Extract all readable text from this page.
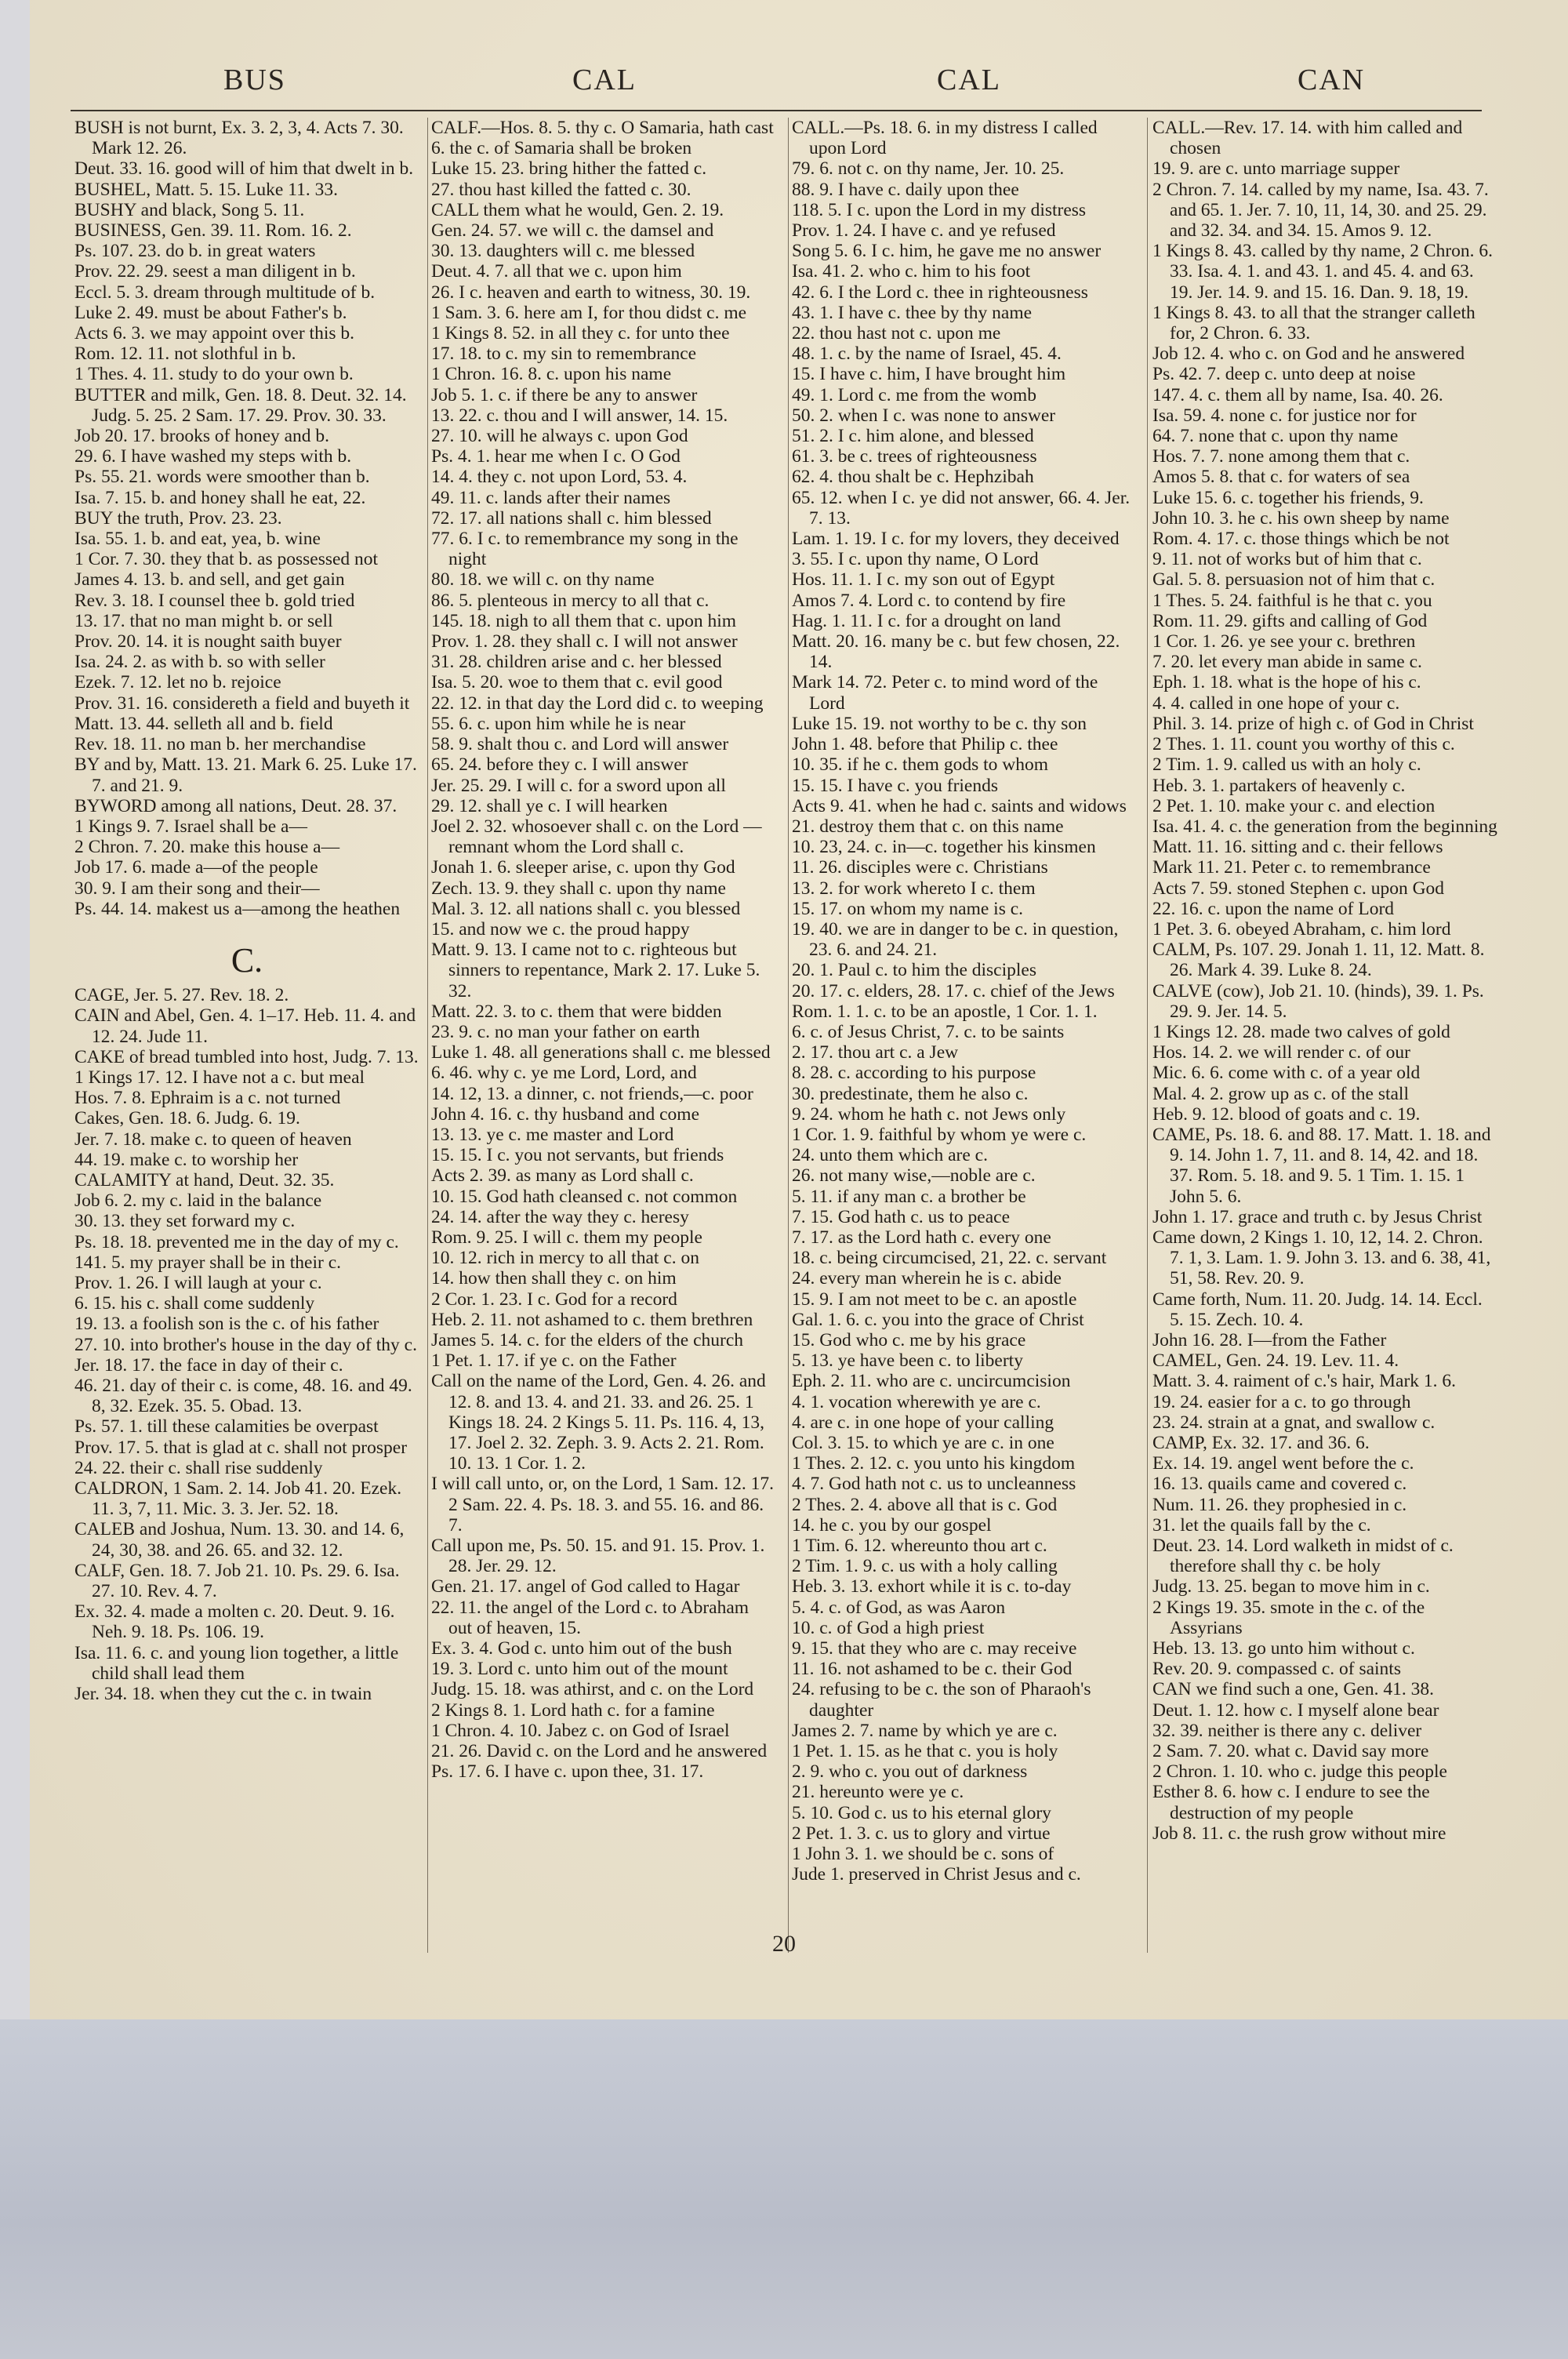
BUS	CAL	CAL	CAN

BUSH is not burnt, Ex. 3. 2, 3, 4. Acts 7. 30. Mark 12. 26.

Deut. 33. 16. good will of him that dwelt in b.

BUSHEL, Matt. 5. 15. Luke 11. 33.

BUSHY and black, Song 5. 11.

BUSINESS, Gen. 39. 11. Rom. 16. 2.

Ps. 107. 23. do b. in great waters

Prov. 22. 29. seest a man diligent in b.

Eccl. 5. 3. dream through multitude of b.

Luke 2. 49. must be about Father's b.

Acts 6. 3. we may appoint over this b.

Rom. 12. 11. not slothful in b.

1 Thes. 4. 11. study to do your own b.

BUTTER and milk, Gen. 18. 8. Deut. 32. 14. Judg. 5. 25. 2 Sam. 17. 29. Prov. 30. 33.

Job 20. 17. brooks of honey and b.

29. 6. I have washed my steps with b.

Ps. 55. 21. words were smoother than b.

Isa. 7. 15. b. and honey shall he eat, 22.

BUY the truth, Prov. 23. 23.

Isa. 55. 1. b. and eat, yea, b. wine

1 Cor. 7. 30. they that b. as possessed not

James 4. 13. b. and sell, and get gain

Rev. 3. 18. I counsel thee b. gold tried

13. 17. that no man might b. or sell

Prov. 20. 14. it is nought saith buyer

Isa. 24. 2. as with b. so with seller

Ezek. 7. 12. let no b. rejoice

Prov. 31. 16. considereth a field and buyeth it

Matt. 13. 44. selleth all and b. field

Rev. 18. 11. no man b. her merchandise

BY and by, Matt. 13. 21. Mark 6. 25. Luke 17. 7. and 21. 9.

BYWORD among all nations, Deut. 28. 37.

1 Kings 9. 7. Israel shall be a—

2 Chron. 7. 20. make this house a—

Job 17. 6. made a—of the people

30. 9. I am their song and their—

Ps. 44. 14. makest us a—among the heathen

C.

CAGE, Jer. 5. 27. Rev. 18. 2.

CAIN and Abel, Gen. 4. 1–17. Heb. 11. 4. and 12. 24. Jude 11.

CAKE of bread tumbled into host, Judg. 7. 13.

1 Kings 17. 12. I have not a c. but meal

Hos. 7. 8. Ephraim is a c. not turned

Cakes, Gen. 18. 6. Judg. 6. 19.

Jer. 7. 18. make c. to queen of heaven

44. 19. make c. to worship her

CALAMITY at hand, Deut. 32. 35.

Job 6. 2. my c. laid in the balance

30. 13. they set forward my c.

Ps. 18. 18. prevented me in the day of my c.

141. 5. my prayer shall be in their c.

Prov. 1. 26. I will laugh at your c.

6. 15. his c. shall come suddenly

19. 13. a foolish son is the c. of his father

27. 10. into brother's house in the day of thy c.

Jer. 18. 17. the face in day of their c.

46. 21. day of their c. is come, 48. 16. and 49. 8, 32. Ezek. 35. 5. Obad. 13.

Ps. 57. 1. till these calamities be overpast

Prov. 17. 5. that is glad at c. shall not prosper

24. 22. their c. shall rise suddenly

CALDRON, 1 Sam. 2. 14. Job 41. 20. Ezek. 11. 3, 7, 11. Mic. 3. 3. Jer. 52. 18.

CALEB and Joshua, Num. 13. 30. and 14. 6, 24, 30, 38. and 26. 65. and 32. 12.

CALF, Gen. 18. 7. Job 21. 10. Ps. 29. 6. Isa. 27. 10. Rev. 4. 7.

Ex. 32. 4. made a molten c. 20. Deut. 9. 16. Neh. 9. 18. Ps. 106. 19.

Isa. 11. 6. c. and young lion together, a little child shall lead them

Jer. 34. 18. when they cut the c. in twain

CALF.—Hos. 8. 5. thy c. O Samaria, hath cast

6. the c. of Samaria shall be broken

Luke 15. 23. bring hither the fatted c.

27. thou hast killed the fatted c. 30.

CALL them what he would, Gen. 2. 19.

Gen. 24. 57. we will c. the damsel and

30. 13. daughters will c. me blessed

Deut. 4. 7. all that we c. upon him

26. I c. heaven and earth to witness, 30. 19.

1 Sam. 3. 6. here am I, for thou didst c. me

1 Kings 8. 52. in all they c. for unto thee

17. 18. to c. my sin to remembrance

1 Chron. 16. 8. c. upon his name

Job 5. 1. c. if there be any to answer

13. 22. c. thou and I will answer, 14. 15.

27. 10. will he always c. upon God

Ps. 4. 1. hear me when I c. O God

14. 4. they c. not upon Lord, 53. 4.

49. 11. c. lands after their names

72. 17. all nations shall c. him blessed

77. 6. I c. to remembrance my song in the night

80. 18. we will c. on thy name

86. 5. plenteous in mercy to all that c.

145. 18. nigh to all them that c. upon him

Prov. 1. 28. they shall c. I will not answer

31. 28. children arise and c. her blessed

Isa. 5. 20. woe to them that c. evil good

22. 12. in that day the Lord did c. to weeping

55. 6. c. upon him while he is near

58. 9. shalt thou c. and Lord will answer

65. 24. before they c. I will answer

Jer. 25. 29. I will c. for a sword upon all

29. 12. shall ye c. I will hearken

Joel 2. 32. whosoever shall c. on the Lord —remnant whom the Lord shall c.

Jonah 1. 6. sleeper arise, c. upon thy God

Zech. 13. 9. they shall c. upon thy name

Mal. 3. 12. all nations shall c. you blessed

15. and now we c. the proud happy

Matt. 9. 13. I came not to c. righteous but sinners to repentance, Mark 2. 17. Luke 5. 32.

Matt. 22. 3. to c. them that were bidden

23. 9. c. no man your father on earth

Luke 1. 48. all generations shall c. me blessed

6. 46. why c. ye me Lord, Lord, and

14. 12, 13. a dinner, c. not friends,—c. poor

John 4. 16. c. thy husband and come

13. 13. ye c. me master and Lord

15. 15. I c. you not servants, but friends

Acts 2. 39. as many as Lord shall c.

10. 15. God hath cleansed c. not common

24. 14. after the way they c. heresy

Rom. 9. 25. I will c. them my people

10. 12. rich in mercy to all that c. on

14. how then shall they c. on him

2 Cor. 1. 23. I c. God for a record

Heb. 2. 11. not ashamed to c. them brethren

James 5. 14. c. for the elders of the church

1 Pet. 1. 17. if ye c. on the Father

Call on the name of the Lord, Gen. 4. 26. and 12. 8. and 13. 4. and 21. 33. and 26. 25. 1 Kings 18. 24. 2 Kings 5. 11. Ps. 116. 4, 13, 17. Joel 2. 32. Zeph. 3. 9. Acts 2. 21. Rom. 10. 13. 1 Cor. 1. 2.

I will call unto, or, on the Lord, 1 Sam. 12. 17. 2 Sam. 22. 4. Ps. 18. 3. and 55. 16. and 86. 7.

Call upon me, Ps. 50. 15. and 91. 15. Prov. 1. 28. Jer. 29. 12.

Gen. 21. 17. angel of God called to Hagar

22. 11. the angel of the Lord c. to Abraham out of heaven, 15.

Ex. 3. 4. God c. unto him out of the bush

19. 3. Lord c. unto him out of the mount

Judg. 15. 18. was athirst, and c. on the Lord

2 Kings 8. 1. Lord hath c. for a famine

1 Chron. 4. 10. Jabez c. on God of Israel

21. 26. David c. on the Lord and he answered

Ps. 17. 6. I have c. upon thee, 31. 17.

CALL.—Ps. 18. 6. in my distress I called upon Lord

79. 6. not c. on thy name, Jer. 10. 25.

88. 9. I have c. daily upon thee

118. 5. I c. upon the Lord in my distress

Prov. 1. 24. I have c. and ye refused

Song 5. 6. I c. him, he gave me no answer

Isa. 41. 2. who c. him to his foot

42. 6. I the Lord c. thee in righteousness

43. 1. I have c. thee by thy name

22. thou hast not c. upon me

48. 1. c. by the name of Israel, 45. 4.

15. I have c. him, I have brought him

49. 1. Lord c. me from the womb

50. 2. when I c. was none to answer

51. 2. I c. him alone, and blessed

61. 3. be c. trees of righteousness

62. 4. thou shalt be c. Hephzibah

65. 12. when I c. ye did not answer, 66. 4. Jer. 7. 13.

Lam. 1. 19. I c. for my lovers, they deceived

3. 55. I c. upon thy name, O Lord

Hos. 11. 1. I c. my son out of Egypt

Amos 7. 4. Lord c. to contend by fire

Hag. 1. 11. I c. for a drought on land

Matt. 20. 16. many be c. but few chosen, 22. 14.

Mark 14. 72. Peter c. to mind word of the Lord

Luke 15. 19. not worthy to be c. thy son

John 1. 48. before that Philip c. thee

10. 35. if he c. them gods to whom

15. 15. I have c. you friends

Acts 9. 41. when he had c. saints and widows

21. destroy them that c. on this name

10. 23, 24. c. in—c. together his kinsmen

11. 26. disciples were c. Christians

13. 2. for work whereto I c. them

15. 17. on whom my name is c.

19. 40. we are in danger to be c. in question, 23. 6. and 24. 21.

20. 1. Paul c. to him the disciples

20. 17. c. elders, 28. 17. c. chief of the Jews

Rom. 1. 1. c. to be an apostle, 1 Cor. 1. 1.

6. c. of Jesus Christ, 7. c. to be saints

2. 17. thou art c. a Jew

8. 28. c. according to his purpose

30. predestinate, them he also c.

9. 24. whom he hath c. not Jews only

1 Cor. 1. 9. faithful by whom ye were c.

24. unto them which are c.

26. not many wise,—noble are c.

5. 11. if any man c. a brother be

7. 15. God hath c. us to peace

7. 17. as the Lord hath c. every one

18. c. being circumcised, 21, 22. c. servant

24. every man wherein he is c. abide

15. 9. I am not meet to be c. an apostle

Gal. 1. 6. c. you into the grace of Christ

15. God who c. me by his grace

5. 13. ye have been c. to liberty

Eph. 2. 11. who are c. uncircumcision

4. 1. vocation wherewith ye are c.

4. are c. in one hope of your calling

Col. 3. 15. to which ye are c. in one

1 Thes. 2. 12. c. you unto his kingdom

4. 7. God hath not c. us to uncleanness

2 Thes. 2. 4. above all that is c. God

14. he c. you by our gospel

1 Tim. 6. 12. whereunto thou art c.

2 Tim. 1. 9. c. us with a holy calling

Heb. 3. 13. exhort while it is c. to-day

5. 4. c. of God, as was Aaron

10. c. of God a high priest

9. 15. that they who are c. may receive

11. 16. not ashamed to be c. their God

24. refusing to be c. the son of Pharaoh's daughter

James 2. 7. name by which ye are c.

1 Pet. 1. 15. as he that c. you is holy

2. 9. who c. you out of darkness

21. hereunto were ye c.

5. 10. God c. us to his eternal glory

2 Pet. 1. 3. c. us to glory and virtue

1 John 3. 1. we should be c. sons of

Jude 1. preserved in Christ Jesus and c.

CALL.—Rev. 17. 14. with him called and chosen

19. 9. are c. unto marriage supper

2 Chron. 7. 14. called by my name, Isa. 43. 7. and 65. 1. Jer. 7. 10, 11, 14, 30. and 25. 29. and 32. 34. and 34. 15. Amos 9. 12.

1 Kings 8. 43. called by thy name, 2 Chron. 6. 33. Isa. 4. 1. and 43. 1. and 45. 4. and 63. 19. Jer. 14. 9. and 15. 16. Dan. 9. 18, 19.

1 Kings 8. 43. to all that the stranger calleth for, 2 Chron. 6. 33.

Job 12. 4. who c. on God and he answered

Ps. 42. 7. deep c. unto deep at noise

147. 4. c. them all by name, Isa. 40. 26.

Isa. 59. 4. none c. for justice nor for

64. 7. none that c. upon thy name

Hos. 7. 7. none among them that c.

Amos 5. 8. that c. for waters of sea

Luke 15. 6. c. together his friends, 9.

John 10. 3. he c. his own sheep by name

Rom. 4. 17. c. those things which be not

9. 11. not of works but of him that c.

Gal. 5. 8. persuasion not of him that c.

1 Thes. 5. 24. faithful is he that c. you

Rom. 11. 29. gifts and calling of God

1 Cor. 1. 26. ye see your c. brethren

7. 20. let every man abide in same c.

Eph. 1. 18. what is the hope of his c.

4. 4. called in one hope of your c.

Phil. 3. 14. prize of high c. of God in Christ

2 Thes. 1. 11. count you worthy of this c.

2 Tim. 1. 9. called us with an holy c.

Heb. 3. 1. partakers of heavenly c.

2 Pet. 1. 10. make your c. and election

Isa. 41. 4. c. the generation from the beginning

Matt. 11. 16. sitting and c. their fellows

Mark 11. 21. Peter c. to remembrance

Acts 7. 59. stoned Stephen c. upon God

22. 16. c. upon the name of Lord

1 Pet. 3. 6. obeyed Abraham, c. him lord

CALM, Ps. 107. 29. Jonah 1. 11, 12. Matt. 8. 26. Mark 4. 39. Luke 8. 24.

CALVE (cow), Job 21. 10. (hinds), 39. 1. Ps. 29. 9. Jer. 14. 5.

1 Kings 12. 28. made two calves of gold

Hos. 14. 2. we will render c. of our

Mic. 6. 6. come with c. of a year old

Mal. 4. 2. grow up as c. of the stall

Heb. 9. 12. blood of goats and c. 19.

CAME, Ps. 18. 6. and 88. 17. Matt. 1. 18. and 9. 14. John 1. 7, 11. and 8. 14, 42. and 18. 37. Rom. 5. 18. and 9. 5. 1 Tim. 1. 15. 1 John 5. 6.

John 1. 17. grace and truth c. by Jesus Christ

Came down, 2 Kings 1. 10, 12, 14. 2. Chron. 7. 1, 3. Lam. 1. 9. John 3. 13. and 6. 38, 41, 51, 58. Rev. 20. 9.

Came forth, Num. 11. 20. Judg. 14. 14. Eccl. 5. 15. Zech. 10. 4.

John 16. 28. I—from the Father

CAMEL, Gen. 24. 19. Lev. 11. 4.

Matt. 3. 4. raiment of c.'s hair, Mark 1. 6.

19. 24. easier for a c. to go through

23. 24. strain at a gnat, and swallow c.

CAMP, Ex. 32. 17. and 36. 6.

Ex. 14. 19. angel went before the c.

16. 13. quails came and covered c.

Num. 11. 26. they prophesied in c.

31. let the quails fall by the c.

Deut. 23. 14. Lord walketh in midst of c. therefore shall thy c. be holy

Judg. 13. 25. began to move him in c.

2 Kings 19. 35. smote in the c. of the Assyrians

Heb. 13. 13. go unto him without c.

Rev. 20. 9. compassed c. of saints

CAN we find such a one, Gen. 41. 38.

Deut. 1. 12. how c. I myself alone bear

32. 39. neither is there any c. deliver

2 Sam. 7. 20. what c. David say more

2 Chron. 1. 10. who c. judge this people

Esther 8. 6. how c. I endure to see the destruction of my people

Job 8. 11. c. the rush grow without mire

20
